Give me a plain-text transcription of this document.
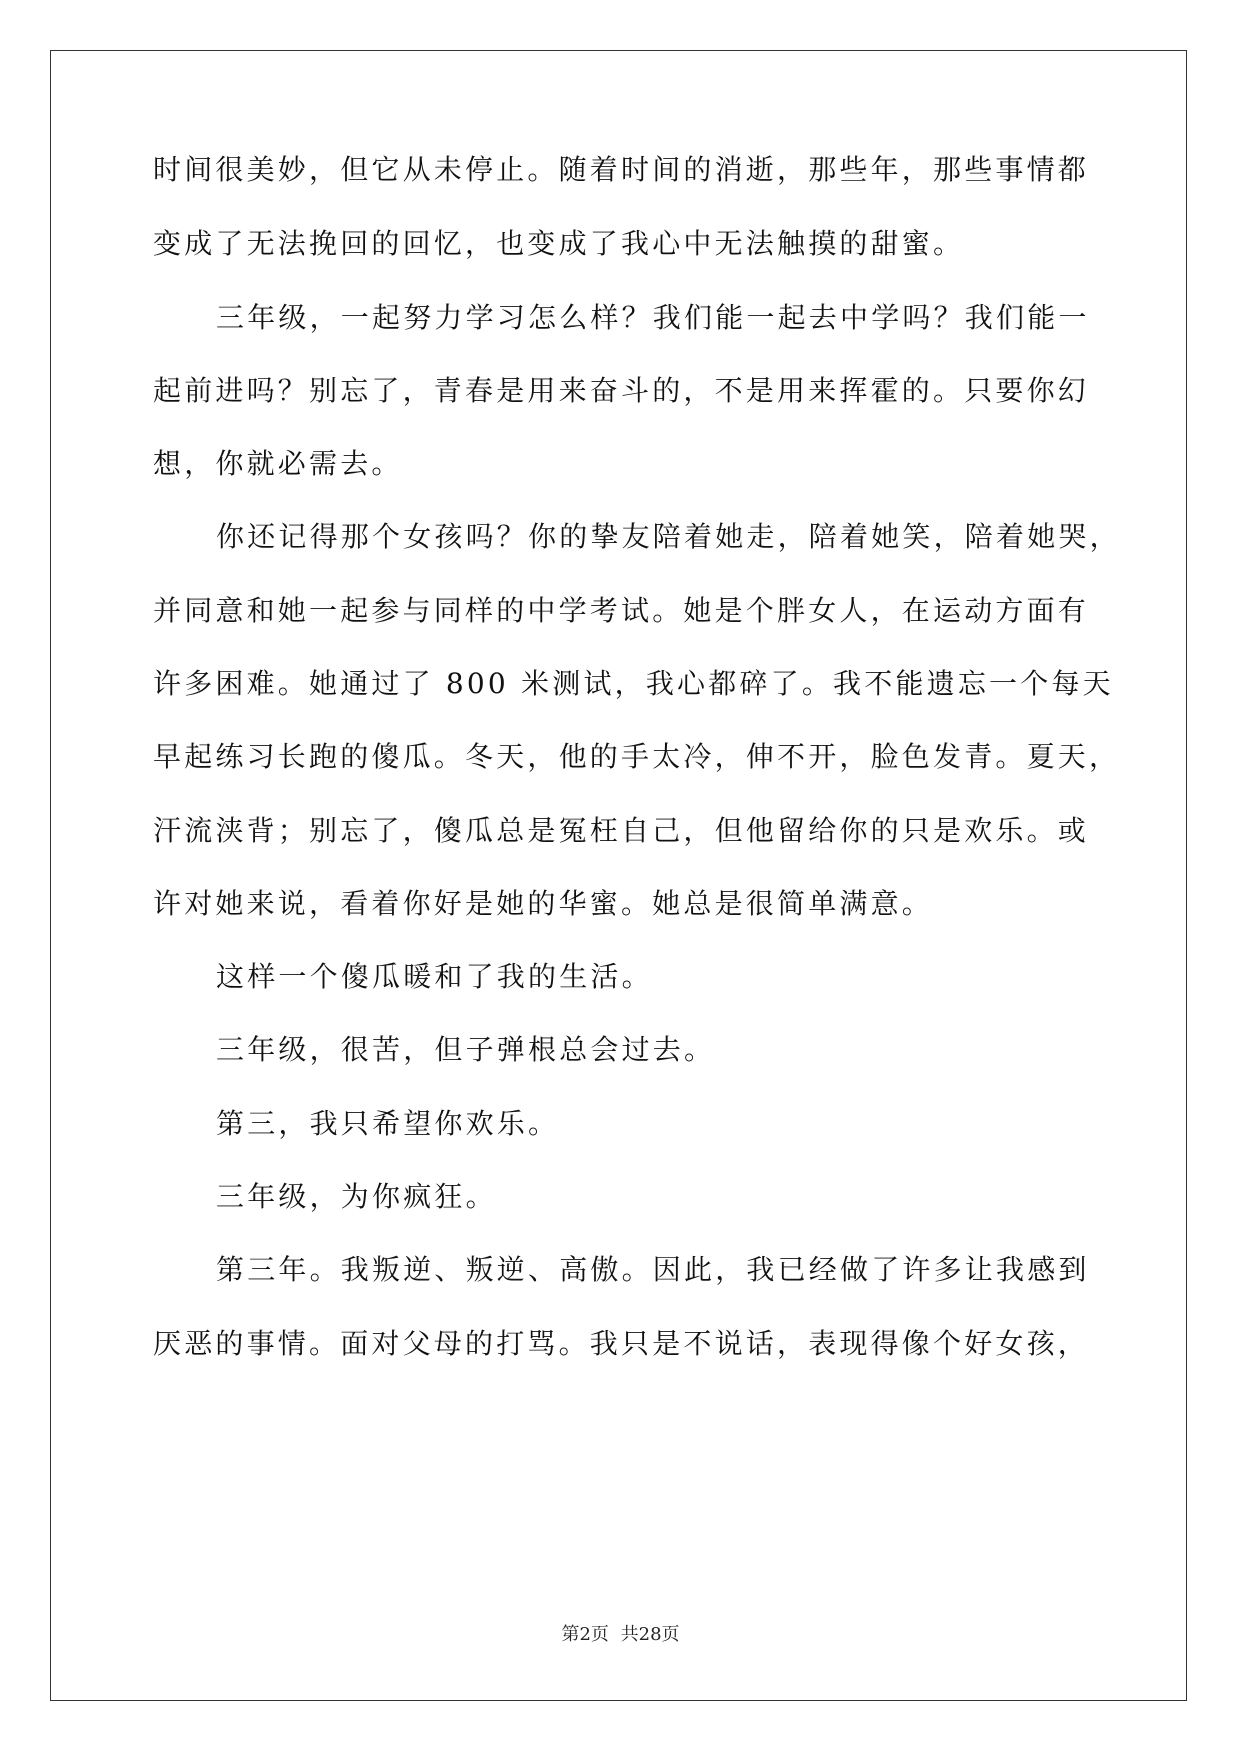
时间很美妙，但它从未停止。随着时间的消逝，那些年，那些事情都
变成了无法挽回的回忆，也变成了我心中无法触摸的甜蜜。
三年级，一起努力学习怎么样？我们能一起去中学吗？我们能一
起前进吗？别忘了，青春是用来奋斗的，不是用来挥霍的。只要你幻
想，你就必需去。
你还记得那个女孩吗？你的挚友陪着她走，陪着她笑，陪着她哭，
并同意和她一起参与同样的中学考试。她是个胖女人，在运动方面有
许多困难。她通过了 800 米测试，我心都碎了。我不能遗忘一个每天
早起练习长跑的傻瓜。冬天，他的手太冷，伸不开，脸色发青。夏天，
汗流浃背；别忘了，傻瓜总是冤枉自己，但他留给你的只是欢乐。或
许对她来说，看着你好是她的华蜜。她总是很简单满意。
这样一个傻瓜暖和了我的生活。
三年级，很苦，但子弹根总会过去。
第三，我只希望你欢乐。
三年级，为你疯狂。
第三年。我叛逆、叛逆、高傲。因此，我已经做了许多让我感到
厌恶的事情。面对父母的打骂。我只是不说话，表现得像个好女孩，
第2页 共28页
